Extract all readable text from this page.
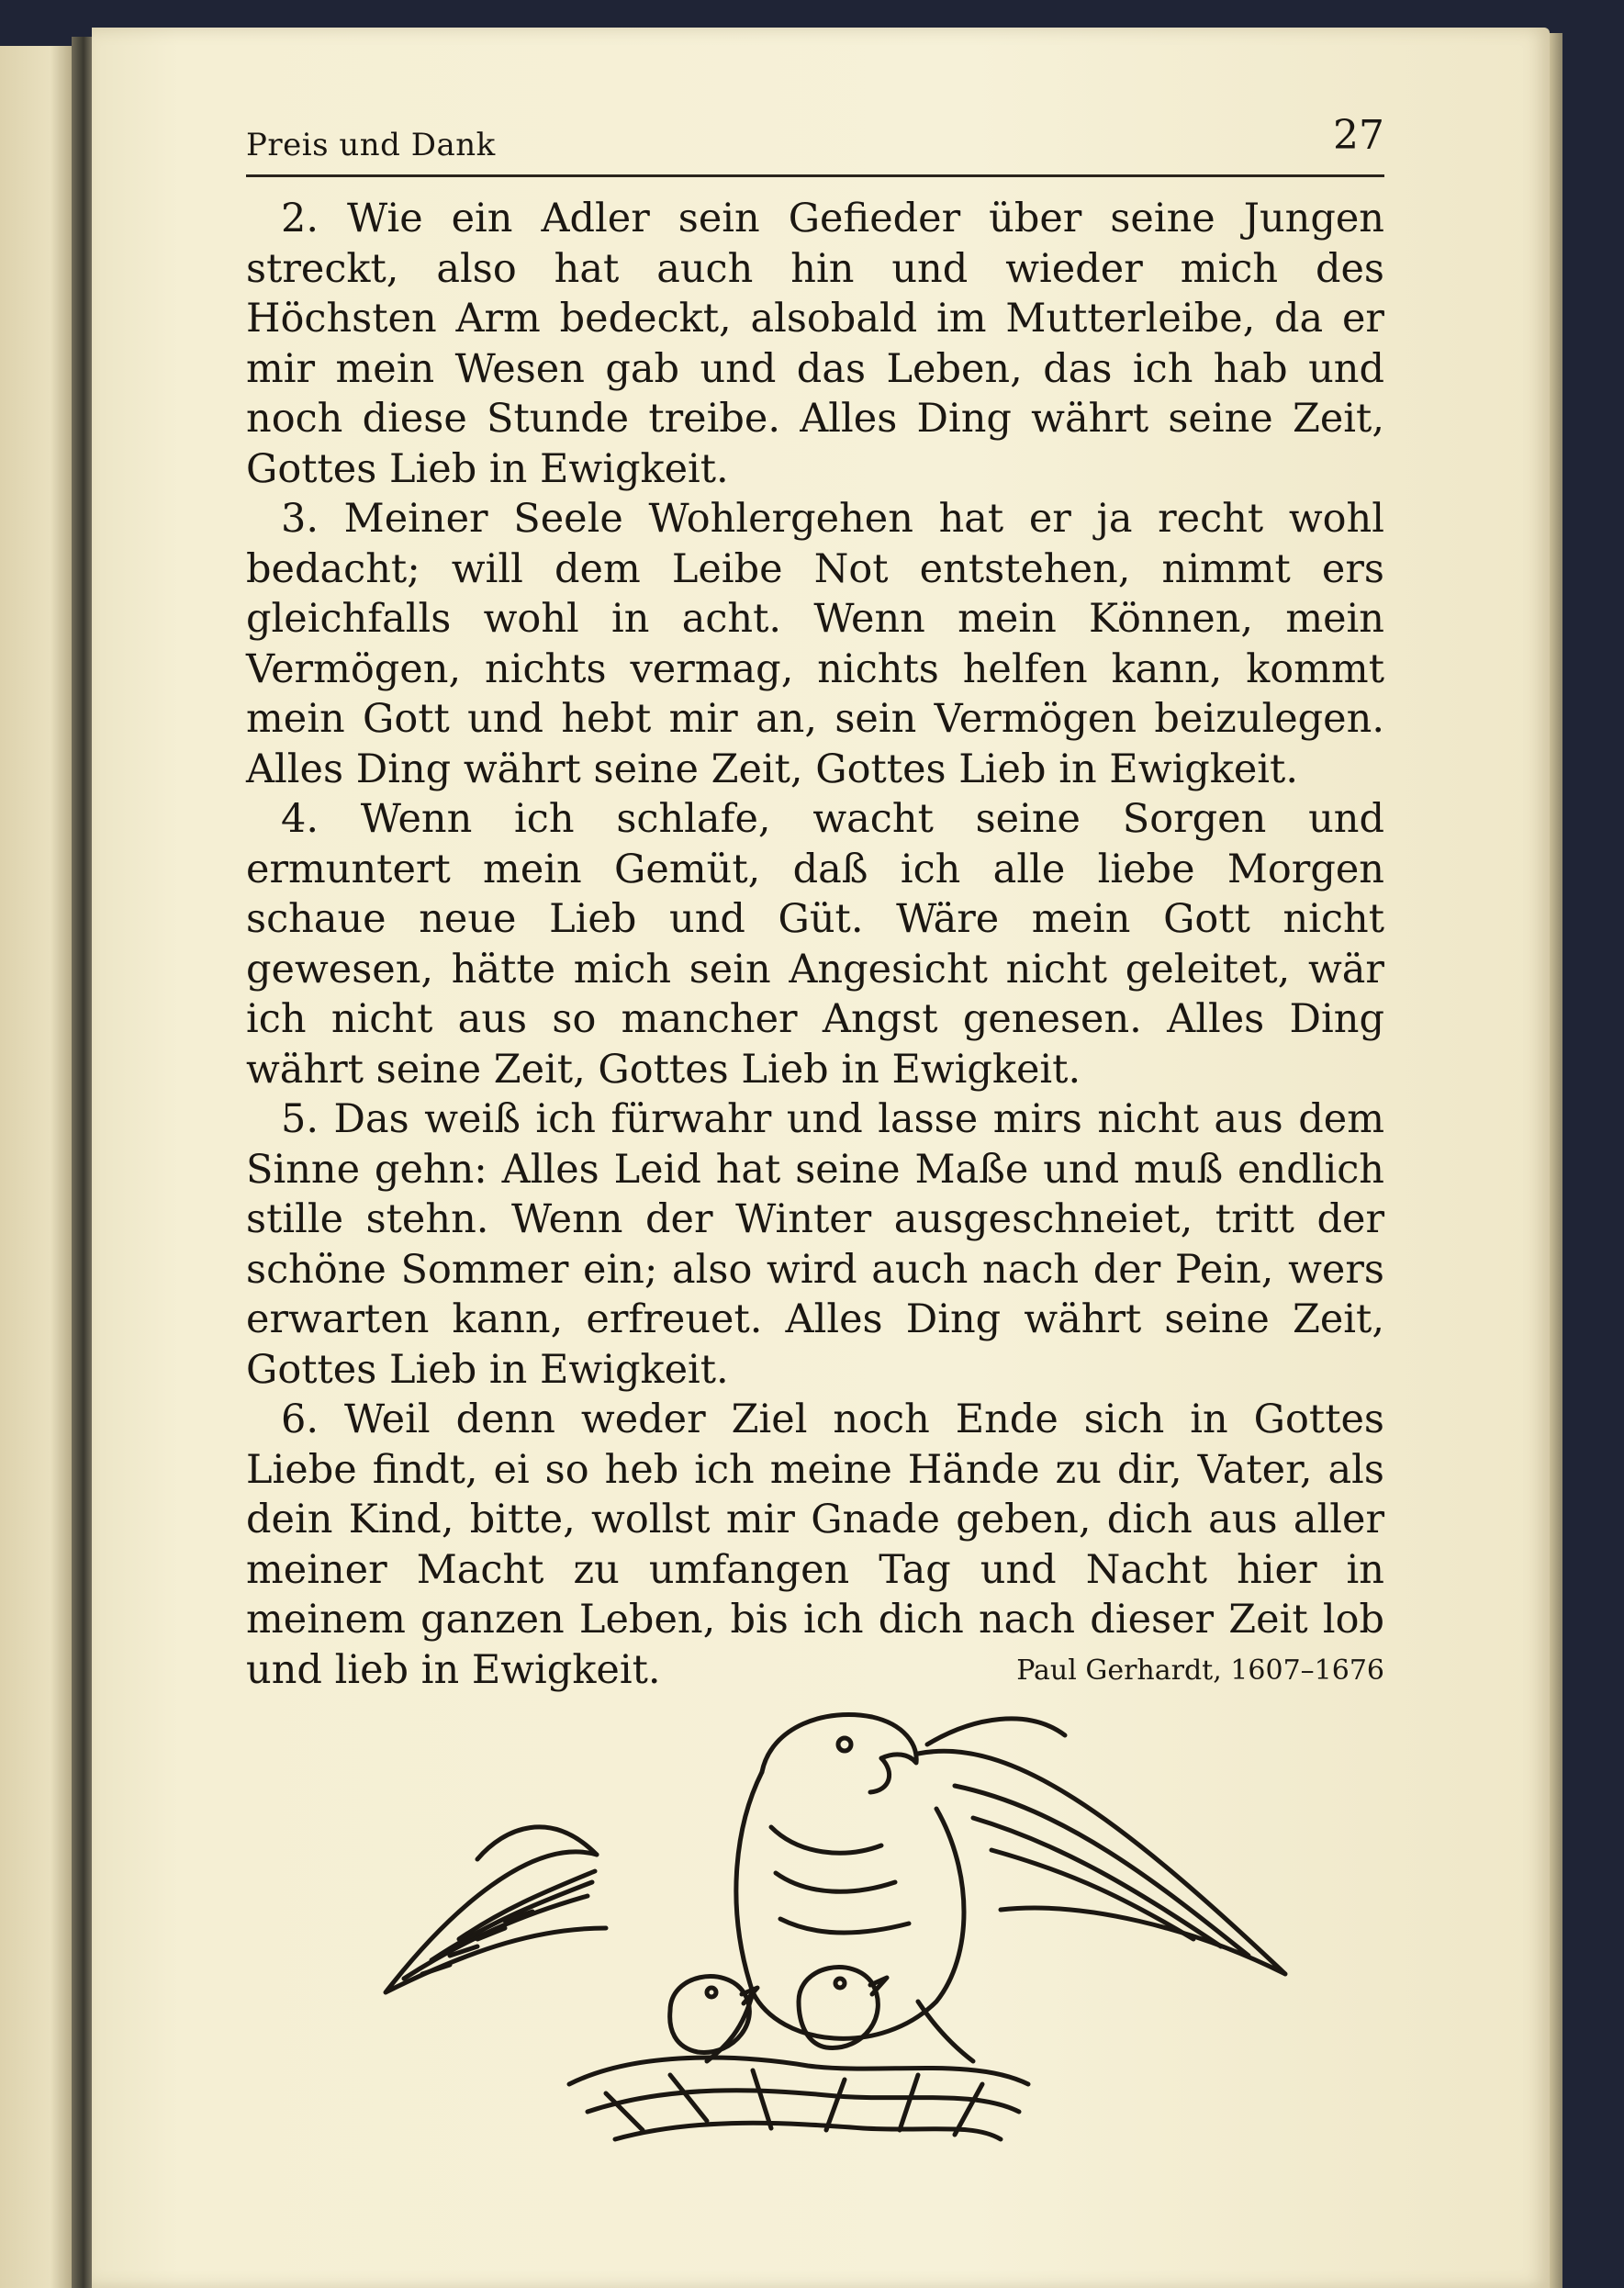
Preis und Dank	27

2. Wie ein Adler sein Gefieder über seine Jungen streckt, also hat auch hin und wieder mich des Höchsten Arm bedeckt, alsobald im Mutterleibe, da er mir mein Wesen gab und das Leben, das ich hab und noch diese Stunde treibe. Alles Ding währt seine Zeit, Gottes Lieb in Ewigkeit.

3. Meiner Seele Wohlergehen hat er ja recht wohl bedacht; will dem Leibe Not entstehen, nimmt ers gleichfalls wohl in acht. Wenn mein Können, mein Vermögen, nichts vermag, nichts helfen kann, kommt mein Gott und hebt mir an, sein Vermögen beizulegen. Alles Ding währt seine Zeit, Gottes Lieb in Ewigkeit.

4. Wenn ich schlafe, wacht seine Sorgen und ermuntert mein Gemüt, daß ich alle liebe Morgen schaue neue Lieb und Güt. Wäre mein Gott nicht gewesen, hätte mich sein Angesicht nicht geleitet, wär ich nicht aus so mancher Angst genesen. Alles Ding währt seine Zeit, Gottes Lieb in Ewigkeit.

5. Das weiß ich fürwahr und lasse mirs nicht aus dem Sinne gehn: Alles Leid hat seine Maße und muß endlich stille stehn. Wenn der Winter ausgeschneiet, tritt der schöne Sommer ein; also wird auch nach der Pein, wers erwarten kann, erfreuet. Alles Ding währt seine Zeit, Gottes Lieb in Ewigkeit.

6. Weil denn weder Ziel noch Ende sich in Gottes Liebe findt, ei so heb ich meine Hände zu dir, Vater, als dein Kind, bitte, wollst mir Gnade geben, dich aus aller meiner Macht zu umfangen Tag und Nacht hier in meinem ganzen Leben, bis ich dich nach dieser Zeit lob und lieb in Ewigkeit.	Paul Gerhardt, 1607–1676
